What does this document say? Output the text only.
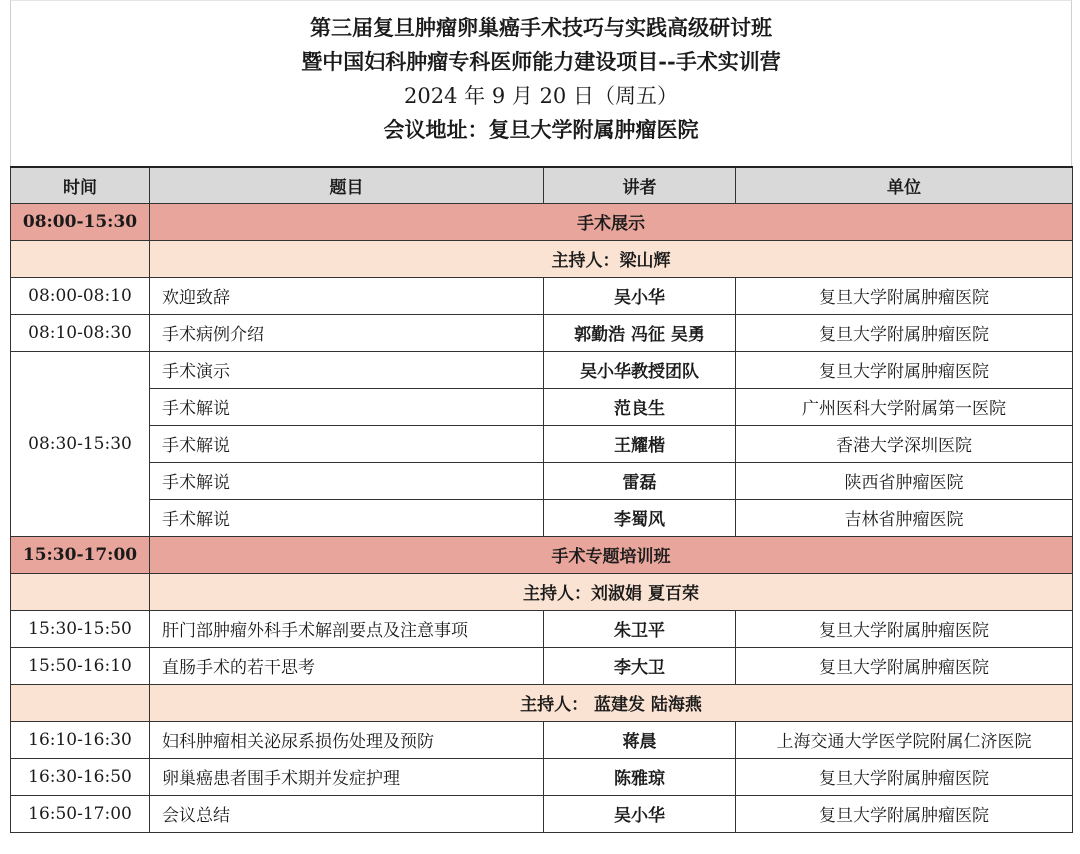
第三届复旦肿瘤卵巢癌手术技巧与实践高级研讨班
暨中国妇科肿瘤专科医师能力建设项目--手术实训营
2024 年 9 月 20 日（周五）
会议地址：复旦大学附属肿瘤医院
时间	题目	讲者	单位
08:00-15:30	手术展示		
	主持人：梁山辉		
08:00-08:10	欢迎致辞	吴小华	复旦大学附属肿瘤医院
08:10-08:30	手术病例介绍	郭勤浩 冯征 吴勇	复旦大学附属肿瘤医院
08:30-15:30	手术演示	吴小华教授团队	复旦大学附属肿瘤医院
	手术解说	范良生	广州医科大学附属第一医院
	手术解说	王耀楷	香港大学深圳医院
	手术解说	雷磊	陕西省肿瘤医院
	手术解说	李蜀风	吉林省肿瘤医院
15:30-17:00	手术专题培训班		
	主持人：刘淑娟 夏百荣		
15:30-15:50	肝门部肿瘤外科手术解剖要点及注意事项	朱卫平	复旦大学附属肿瘤医院
15:50-16:10	直肠手术的若干思考	李大卫	复旦大学附属肿瘤医院
	主持人： 蓝建发 陆海燕		
16:10-16:30	妇科肿瘤相关泌尿系损伤处理及预防	蒋晨	上海交通大学医学院附属仁济医院
16:30-16:50	卵巢癌患者围手术期并发症护理	陈雅琼	复旦大学附属肿瘤医院
16:50-17:00	会议总结	吴小华	复旦大学附属肿瘤医院
